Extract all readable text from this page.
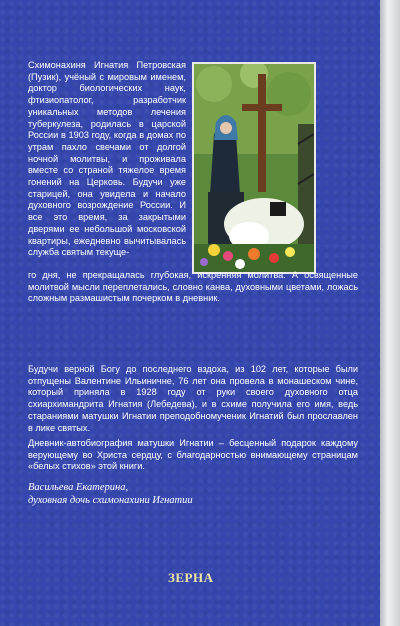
Схимонахиня Игнатия Петровская (Пузик), учёный с мировым именем, доктор биологических наук, фтизиопатолог, разработчик уникальных методов лечения туберкулеза, родилась в царской России в 1903 году, когда в домах по утрам пахло свечами от долгой ночной молитвы, и проживала вместе со страной тяжелое время гонений на Церковь. Будучи уже старицей, она увидела и начало духовного возрождение России. И все это время, за закрытыми дверями ее небольшой московской квартиры, ежедневно вычитывалась служба святым текуще-

го дня, не прекращалась глубокая, искренняя молитва. А освященные молитвой мысли переплетались, словно канва, духовными цветами, ложась сложным размашистым почерком в дневник.

Будучи верной Богу до последнего вздоха, из 102 лет, которые были отпущены Валентине Ильиничне, 76 лет она провела в монашеском чине, который приняла в 1928 году от руки своего духовного отца схиархимандрита Игнатия (Лебедева), и в схиме получила его имя, ведь стараниями матушки Игнатии преподобномученик Игнатий был прославлен в лике святых.

Дневник-автобиография матушки Игнатии – бесценный подарок каждому верующему во Христа сердцу, с благодарностью внимающему страницам «белых стихов» этой книги.

Васильева Екатерина,
духовная дочь схимонахини Игнатии
ЗЕРНА
